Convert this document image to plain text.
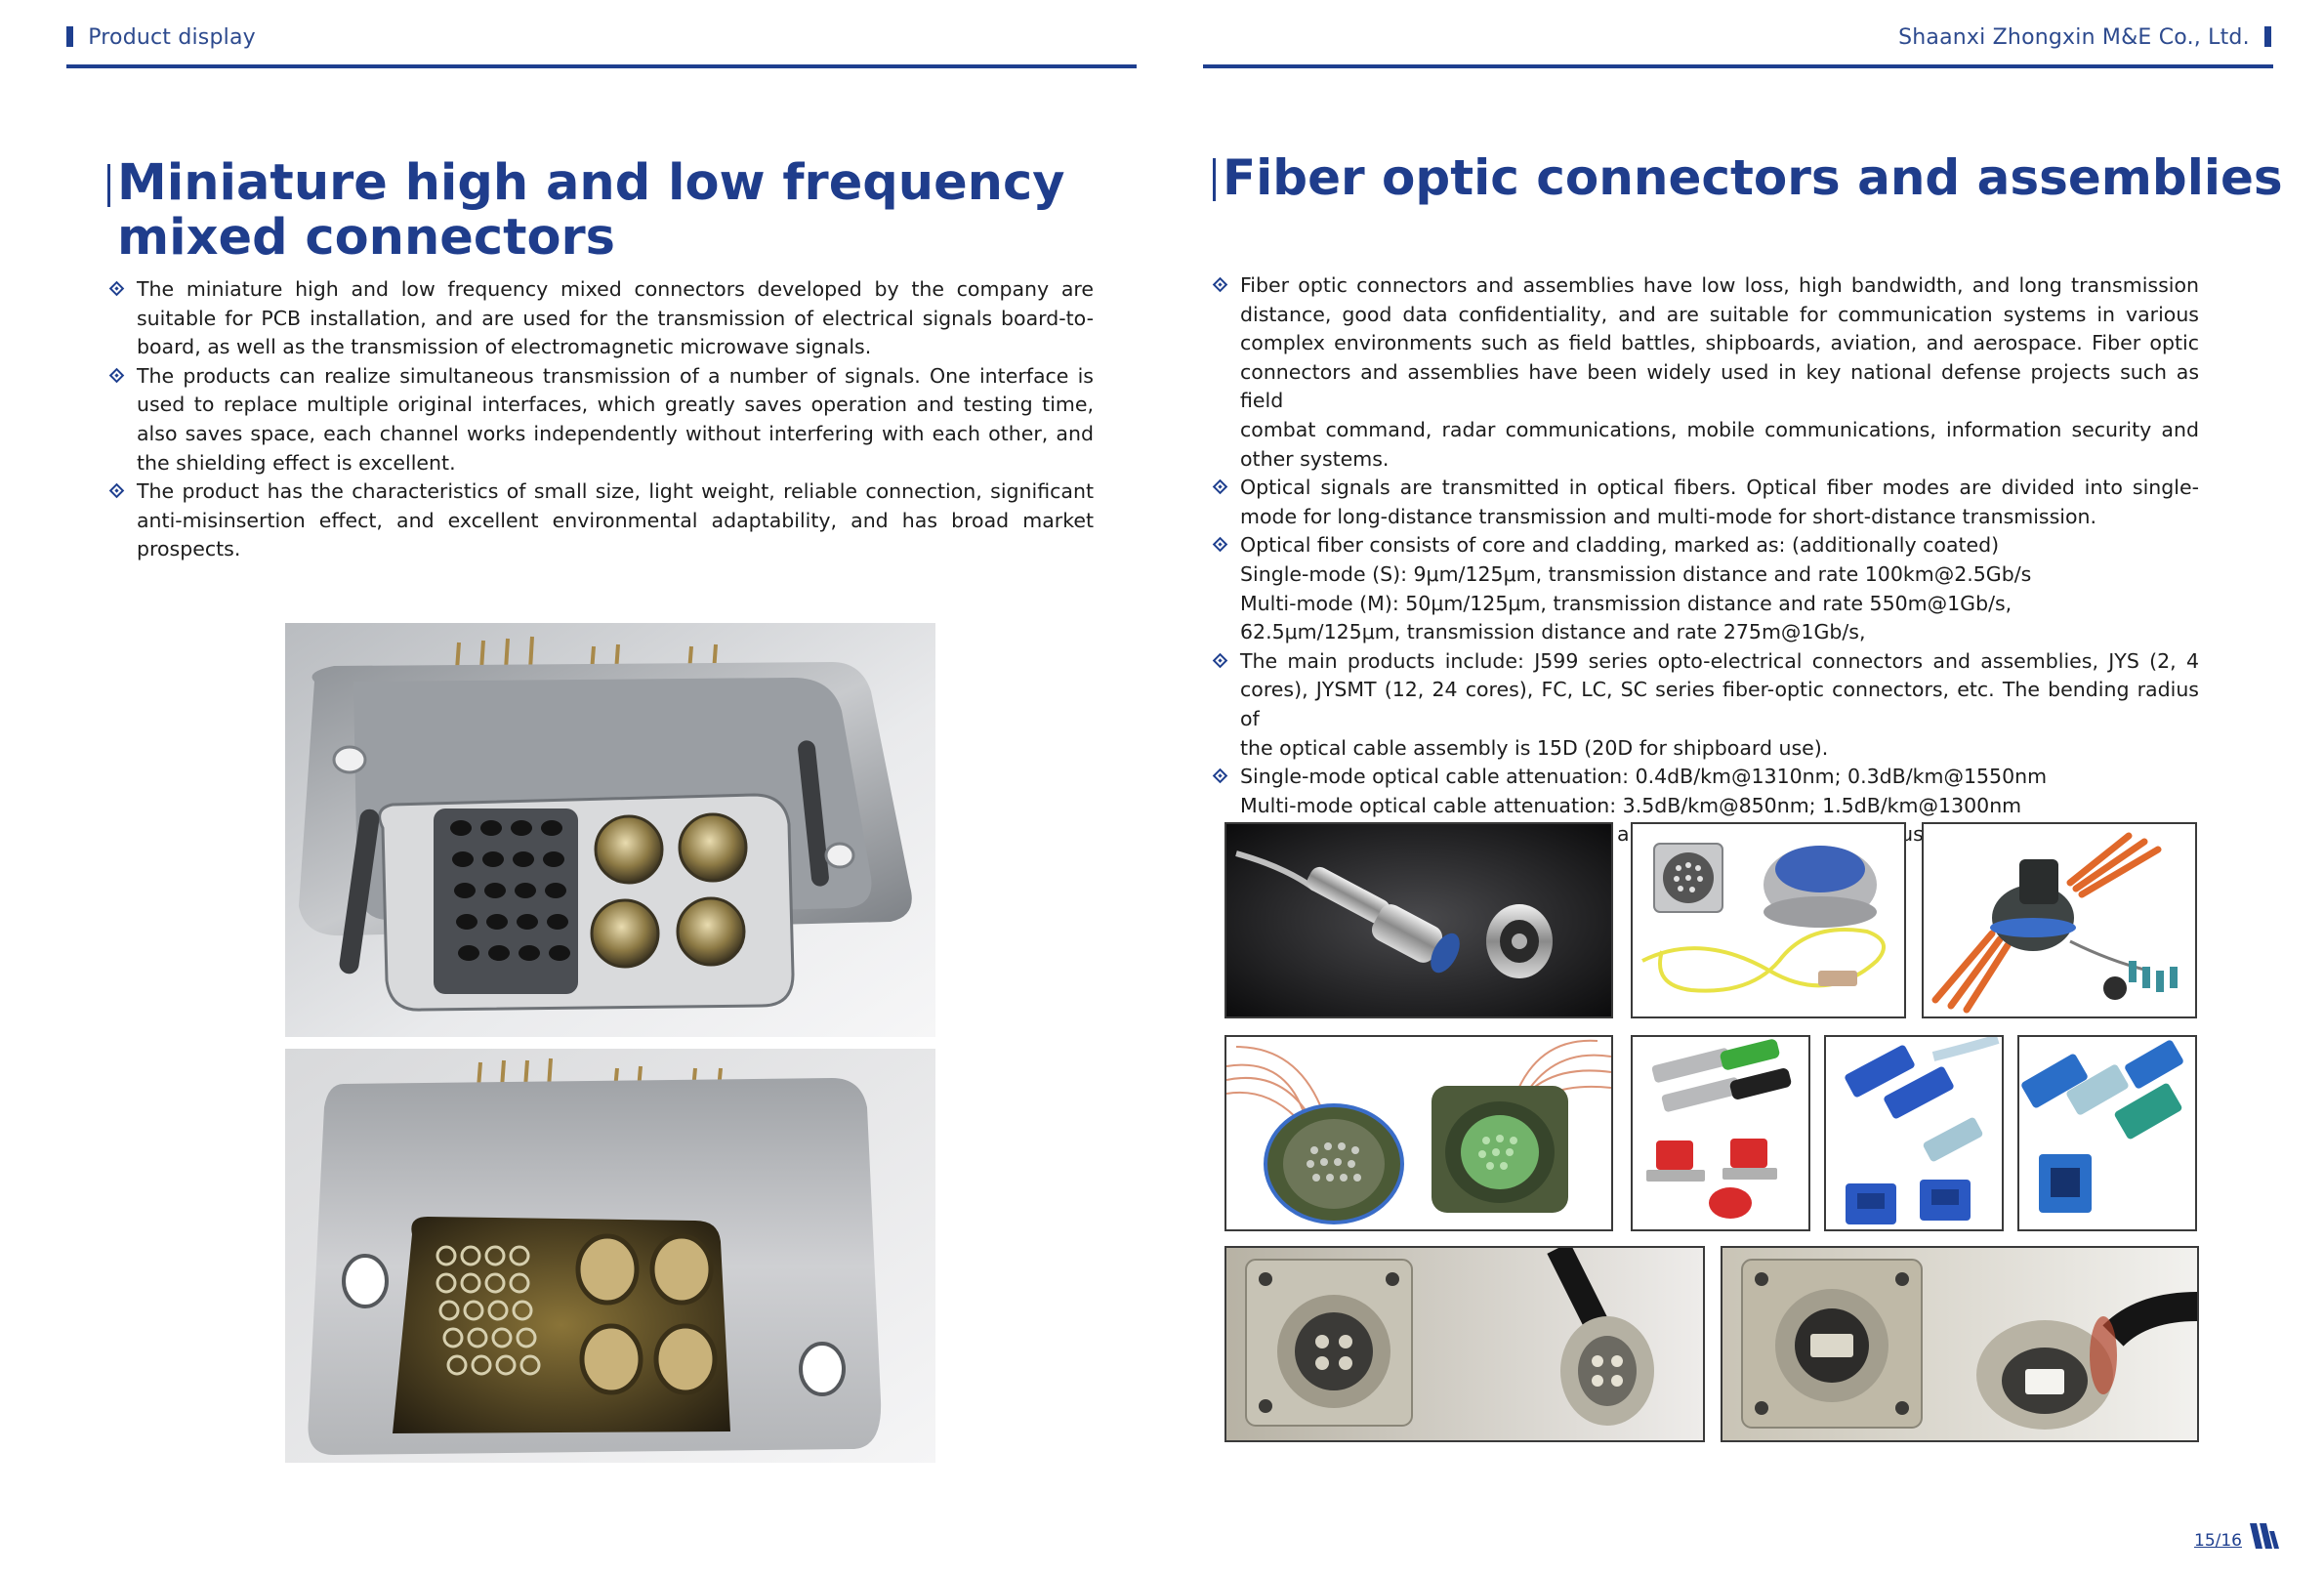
Product display	Shaanxi Zhongxin M&E Co., Ltd.
Miniature high and low frequency
mixed connectors
The miniature high and low frequency mixed connectors developed by the company are
suitable for PCB installation, and are used for the transmission of electrical signals board-to-
board, as well as the transmission of electromagnetic microwave signals.
The products can realize simultaneous transmission of a number of signals. One interface is
used to replace multiple original interfaces, which greatly saves operation and testing time,
also saves space, each channel works independently without interfering with each other, and
the shielding effect is excellent.
The product has the characteristics of small size, light weight, reliable connection, significant
anti-misinsertion effect, and excellent environmental adaptability, and has broad market
prospects.
Fiber optic connectors and assemblies
Fiber optic connectors and assemblies have low loss, high bandwidth, and long transmission
distance, good data confidentiality, and are suitable for communication systems in various
complex environments such as field battles, shipboards, aviation, and aerospace. Fiber optic
connectors and assemblies have been widely used in key national defense projects such as field
combat command, radar communications, mobile communications, information security and
other systems.
Optical signals are transmitted in optical fibers. Optical fiber modes are divided into single-
mode for long-distance transmission and multi-mode for short-distance transmission.
Optical fiber consists of core and cladding, marked as: (additionally coated)
Single-mode (S): 9μm/125μm, transmission distance and rate 100km@2.5Gb/s
Multi-mode (M): 50μm/125μm, transmission distance and rate 550m@1Gb/s,
62.5μm/125μm, transmission distance and rate 275m@1Gb/s,
The main products include: J599 series opto-electrical connectors and assemblies, JYS (2, 4
cores), JYSMT (12, 24 cores), FC, LC, SC series fiber-optic connectors, etc. The bending radius of
the optical cable assembly is 15D (20D for shipboard use).
Single-mode optical cable attenuation: 0.4dB/km@1310nm; 0.3dB/km@1550nm
Multi-mode optical cable attenuation: 3.5dB/km@850nm; 1.5dB/km@1300nm
15/16
